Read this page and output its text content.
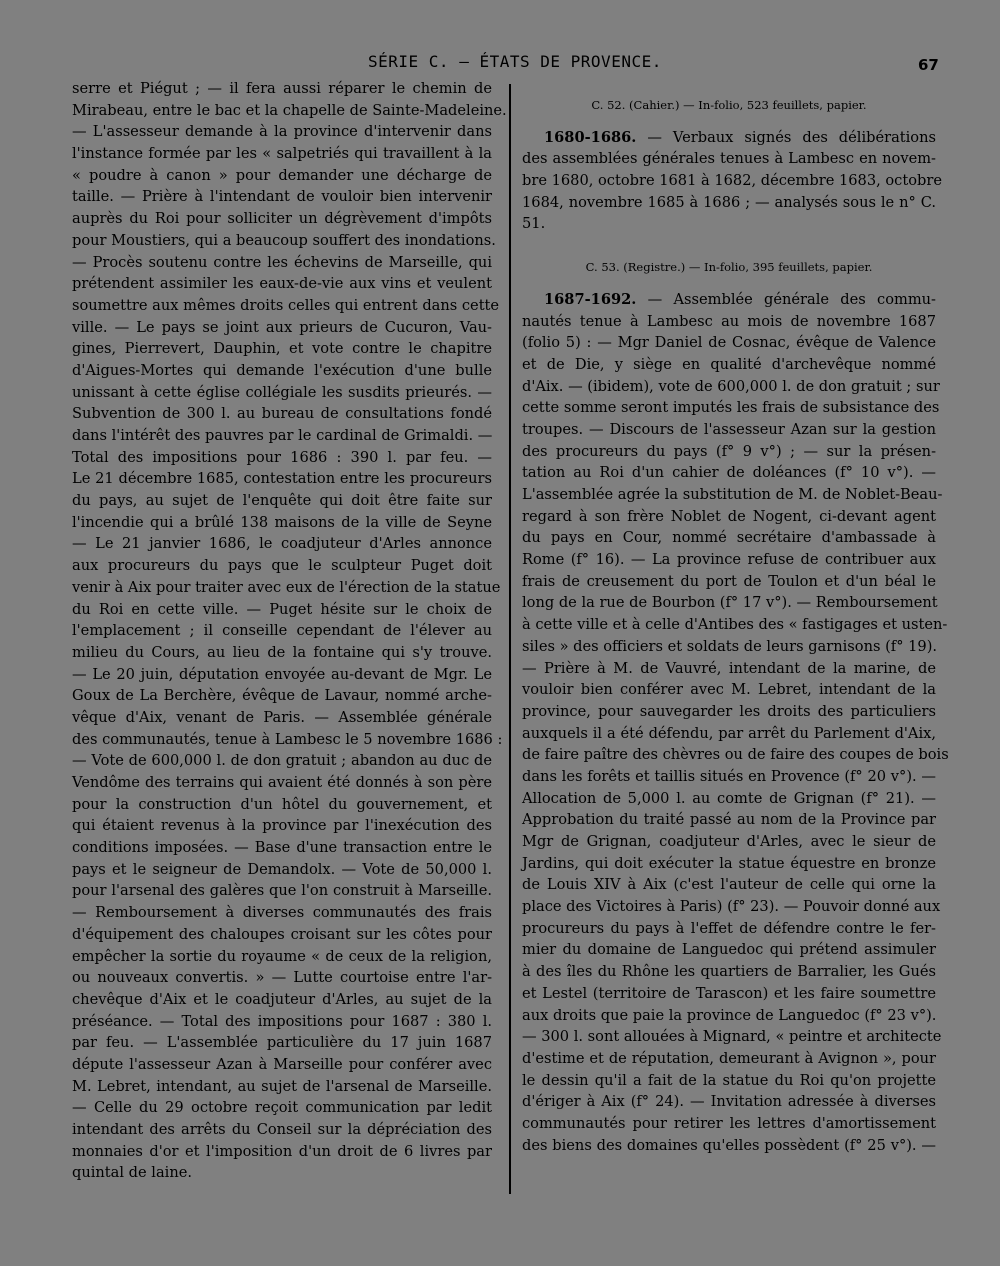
SÉRIE C. — ÉTATS DE PROVENCE.	67
serre et Piégut ; — il fera aussi réparer le chemin de
Mirabeau, entre le bac et la chapelle de Sainte-Madeleine.
— L'assesseur demande à la province d'intervenir dans
l'instance formée par les « salpetriés qui travaillent à la
« poudre à canon » pour demander une décharge de
taille. — Prière à l'intendant de vouloir bien intervenir
auprès du Roi pour solliciter un dégrèvement d'impôts
pour Moustiers, qui a beaucoup souffert des inondations.
— Procès soutenu contre les échevins de Marseille, qui
prétendent assimiler les eaux-de-vie aux vins et veulent
soumettre aux mêmes droits celles qui entrent dans cette
ville. — Le pays se joint aux prieurs de Cucuron, Vau-
gines, Pierrevert, Dauphin, et vote contre le chapitre
d'Aigues-Mortes qui demande l'exécution d'une bulle
unissant à cette église collégiale les susdits prieurés. —
Subvention de 300 l. au bureau de consultations fondé
dans l'intérêt des pauvres par le cardinal de Grimaldi. —
Total des impositions pour 1686 : 390 l. par feu. —
Le 21 décembre 1685, contestation entre les procureurs
du pays, au sujet de l'enquête qui doit être faite sur
l'incendie qui a brûlé 138 maisons de la ville de Seyne
— Le 21 janvier 1686, le coadjuteur d'Arles annonce
aux procureurs du pays que le sculpteur Puget doit
venir à Aix pour traiter avec eux de l'érection de la statue
du Roi en cette ville. — Puget hésite sur le choix de
l'emplacement ; il conseille cependant de l'élever au
milieu du Cours, au lieu de la fontaine qui s'y trouve.
— Le 20 juin, députation envoyée au-devant de Mgr. Le
Goux de La Berchère, évêque de Lavaur, nommé arche-
vêque d'Aix, venant de Paris. — Assemblée générale
des communautés, tenue à Lambesc le 5 novembre 1686 :
— Vote de 600,000 l. de don gratuit ; abandon au duc de
Vendôme des terrains qui avaient été donnés à son père
pour la construction d'un hôtel du gouvernement, et
qui étaient revenus à la province par l'inexécution des
conditions imposées. — Base d'une transaction entre le
pays et le seigneur de Demandolx. — Vote de 50,000 l.
pour l'arsenal des galères que l'on construit à Marseille.
— Remboursement à diverses communautés des frais
d'équipement des chaloupes croisant sur les côtes pour
empêcher la sortie du royaume « de ceux de la religion,
ou nouveaux convertis. » — Lutte courtoise entre l'ar-
chevêque d'Aix et le coadjuteur d'Arles, au sujet de la
préséance. — Total des impositions pour 1687 : 380 l.
par feu. — L'assemblée particulière du 17 juin 1687
députe l'assesseur Azan à Marseille pour conférer avec
M. Lebret, intendant, au sujet de l'arsenal de Marseille.
— Celle du 29 octobre reçoit communication par ledit
intendant des arrêts du Conseil sur la dépréciation des
monnaies d'or et l'imposition d'un droit de 6 livres par
quintal de laine.
C. 52. (Cahier.) — In-folio, 523 feuillets, papier.
1680-1686. — Verbaux signés des délibérations
des assemblées générales tenues à Lambesc en novem-
bre 1680, octobre 1681 à 1682, décembre 1683, octobre
1684, novembre 1685 à 1686 ; — analysés sous le n° C.
51.
C. 53. (Registre.) — In-folio, 395 feuillets, papier.
1687-1692. — Assemblée générale des commu-
nautés tenue à Lambesc au mois de novembre 1687
(folio 5) : — Mgr Daniel de Cosnac, évêque de Valence
et de Die, y siège en qualité d'archevêque nommé
d'Aix. — (ibidem), vote de 600,000 l. de don gratuit ; sur
cette somme seront imputés les frais de subsistance des
troupes. — Discours de l'assesseur Azan sur la gestion
des procureurs du pays (f° 9 v°) ; — sur la présen-
tation au Roi d'un cahier de doléances (f° 10 v°). —
L'assemblée agrée la substitution de M. de Noblet-Beau-
regard à son frère Noblet de Nogent, ci-devant agent
du pays en Cour, nommé secrétaire d'ambassade à
Rome (f° 16). — La province refuse de contribuer aux
frais de creusement du port de Toulon et d'un béal le
long de la rue de Bourbon (f° 17 v°). — Remboursement
à cette ville et à celle d'Antibes des « fastigages et usten-
siles » des officiers et soldats de leurs garnisons (f° 19).
— Prière à M. de Vauvré, intendant de la marine, de
vouloir bien conférer avec M. Lebret, intendant de la
province, pour sauvegarder les droits des particuliers
auxquels il a été défendu, par arrêt du Parlement d'Aix,
de faire paître des chèvres ou de faire des coupes de bois
dans les forêts et taillis situés en Provence (f° 20 v°). —
Allocation de 5,000 l. au comte de Grignan (f° 21). —
Approbation du traité passé au nom de la Province par
Mgr de Grignan, coadjuteur d'Arles, avec le sieur de
Jardins, qui doit exécuter la statue équestre en bronze
de Louis XIV à Aix (c'est l'auteur de celle qui orne la
place des Victoires à Paris) (f° 23). — Pouvoir donné aux
procureurs du pays à l'effet de défendre contre le fer-
mier du domaine de Languedoc qui prétend assimuler
à des îles du Rhône les quartiers de Barralier, les Gués
et Lestel (territoire de Tarascon) et les faire soumettre
aux droits que paie la province de Languedoc (f° 23 v°).
— 300 l. sont allouées à Mignard, « peintre et architecte
d'estime et de réputation, demeurant à Avignon », pour
le dessin qu'il a fait de la statue du Roi qu'on projette
d'ériger à Aix (f° 24). — Invitation adressée à diverses
communautés pour retirer les lettres d'amortissement
des biens des domaines qu'elles possèdent (f° 25 v°). —
